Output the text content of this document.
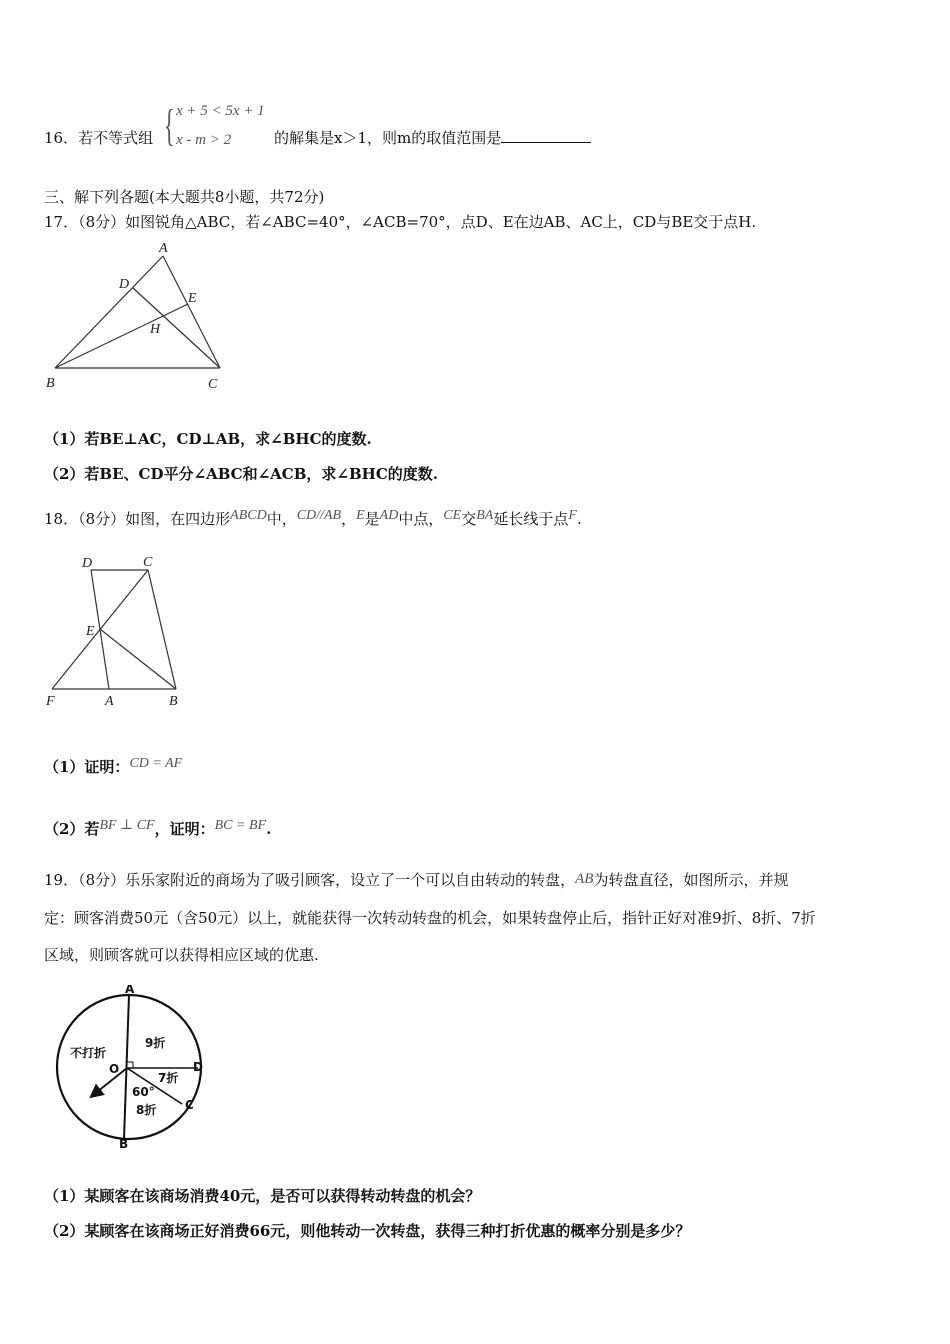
16．若不等式组 { x + 5 < 5x + 1
x - m > 2	的解集是x＞1，则m的取值范围是
三、解下列各题(本大题共8小题，共72分)
17．（8分）如图锐角△ABC，若∠ABC=40°，∠ACB=70°，点D、E在边AB、AC上，CD与BE交于点H.
A
B	C
D
E
H
（1）若BE⊥AC，CD⊥AB，求∠BHC的度数.
（2）若BE、CD平分∠ABC和∠ACB，求∠BHC的度数.
18．（8分）如图，在四边形ABCD中，CD//AB，E是AD中点，CE交BA延长线于点F.
D	C
E
F	A	B
（1）证明：CD = AF
（2）若BF ⊥ CF，证明：BC = BF.
19．（8分）乐乐家附近的商场为了吸引顾客，设立了一个可以自由转动的转盘，AB为转盘直径，如图所示，并规
定：顾客消费50元（含50元）以上，就能获得一次转动转盘的机会，如果转盘停止后，指针正好对准9折、8折、7折
区域，则顾客就可以获得相应区域的优惠.
A
B
C
D
O
不打折
9折
7折
8折
60°
（1）某顾客在该商场消费40元，是否可以获得转动转盘的机会？
（2）某顾客在该商场正好消费66元，则他转动一次转盘，获得三种打折优惠的概率分别是多少？
